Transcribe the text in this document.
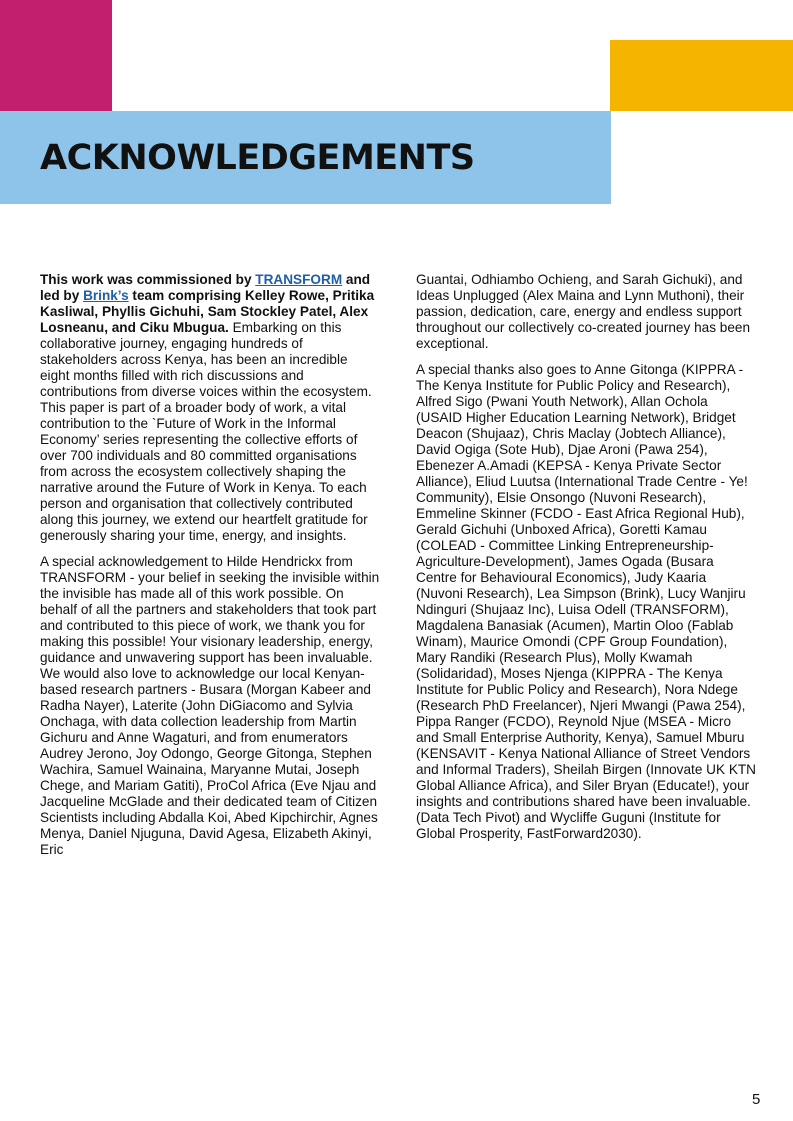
ACKNOWLEDGEMENTS

This work was commissioned by TRANSFORM and led by Brink’s team comprising Kelley Rowe, Pritika Kasliwal, Phyllis Gichuhi, Sam Stockley Patel, Alex Losneanu, and Ciku Mbugua. Embarking on this collaborative journey, engaging hundreds of stakeholders across Kenya, has been an incredible eight months filled with rich discussions and contributions from diverse voices within the ecosystem. This paper is part of a broader body of work, a vital contribution to the `Future of Work in the Informal Economy’ series representing the collective efforts of over 700 individuals and 80 committed organisations from across the ecosystem collectively shaping the narrative around the Future of Work in Kenya. To each person and organisation that collectively contributed along this journey, we extend our heartfelt gratitude for generously sharing your time, energy, and insights.

A special acknowledgement to Hilde Hendrickx from TRANSFORM - your belief in seeking the invisible within the invisible has made all of this work possible. On behalf of all the partners and stakeholders that took part and contributed to this piece of work, we thank you for making this possible! Your visionary leadership, energy, guidance and unwavering support has been invaluable. We would also love to acknowledge our local Kenyan-based research partners - Busara (Morgan Kabeer and Radha Nayer), Laterite (John DiGiacomo and Sylvia Onchaga, with data collection leadership from Martin Gichuru and Anne Wagaturi, and from enumerators Audrey Jerono, Joy Odongo, George Gitonga, Stephen Wachira, Samuel Wainaina, Maryanne Mutai, Joseph Chege, and Mariam Gatiti), ProCol Africa (Eve Njau and Jacqueline McGlade and their dedicated team of Citizen Scientists including Abdalla Koi, Abed Kipchirchir, Agnes Menya, Daniel Njuguna, David Agesa, Elizabeth Akinyi, Eric

Guantai, Odhiambo Ochieng, and Sarah Gichuki), and Ideas Unplugged (Alex Maina and Lynn Muthoni), their passion, dedication, care, energy and endless support throughout our collectively co-created journey has been exceptional.

A special thanks also goes to Anne Gitonga (KIPPRA - The Kenya Institute for Public Policy and Research), Alfred Sigo (Pwani Youth Network), Allan Ochola (USAID Higher Education Learning Network), Bridget Deacon (Shujaaz), Chris Maclay (Jobtech Alliance), David Ogiga (Sote Hub), Djae Aroni (Pawa 254), Ebenezer A.Amadi (KEPSA - Kenya Private Sector Alliance), Eliud Luutsa (International Trade Centre - Ye! Community), Elsie Onsongo (Nuvoni Research), Emmeline Skinner (FCDO - East Africa Regional Hub), Gerald Gichuhi (Unboxed Africa), Goretti Kamau (COLEAD - Committee Linking Entrepreneurship-Agriculture-Development), James Ogada (Busara Centre for Behavioural Economics), Judy Kaaria (Nuvoni Research), Lea Simpson (Brink), Lucy Wanjiru Ndinguri (Shujaaz Inc), Luisa Odell (TRANSFORM), Magdalena Banasiak (Acumen), Martin Oloo (Fablab Winam), Maurice Omondi (CPF Group Foundation), Mary Randiki (Research Plus), Molly Kwamah (Solidaridad), Moses Njenga (KIPPRA - The Kenya Institute for Public Policy and Research), Nora Ndege (Research PhD Freelancer), Njeri Mwangi (Pawa 254), Pippa Ranger (FCDO), Reynold Njue (MSEA - Micro and Small Enterprise Authority, Kenya), Samuel Mburu (KENSAVIT - Kenya National Alliance of Street Vendors and Informal Traders), Sheilah Birgen (Innovate UK KTN Global Alliance Africa), and Siler Bryan (Educate!), your insights and contributions shared have been invaluable. (Data Tech Pivot) and Wycliffe Guguni (Institute for Global Prosperity, FastForward2030).

5
